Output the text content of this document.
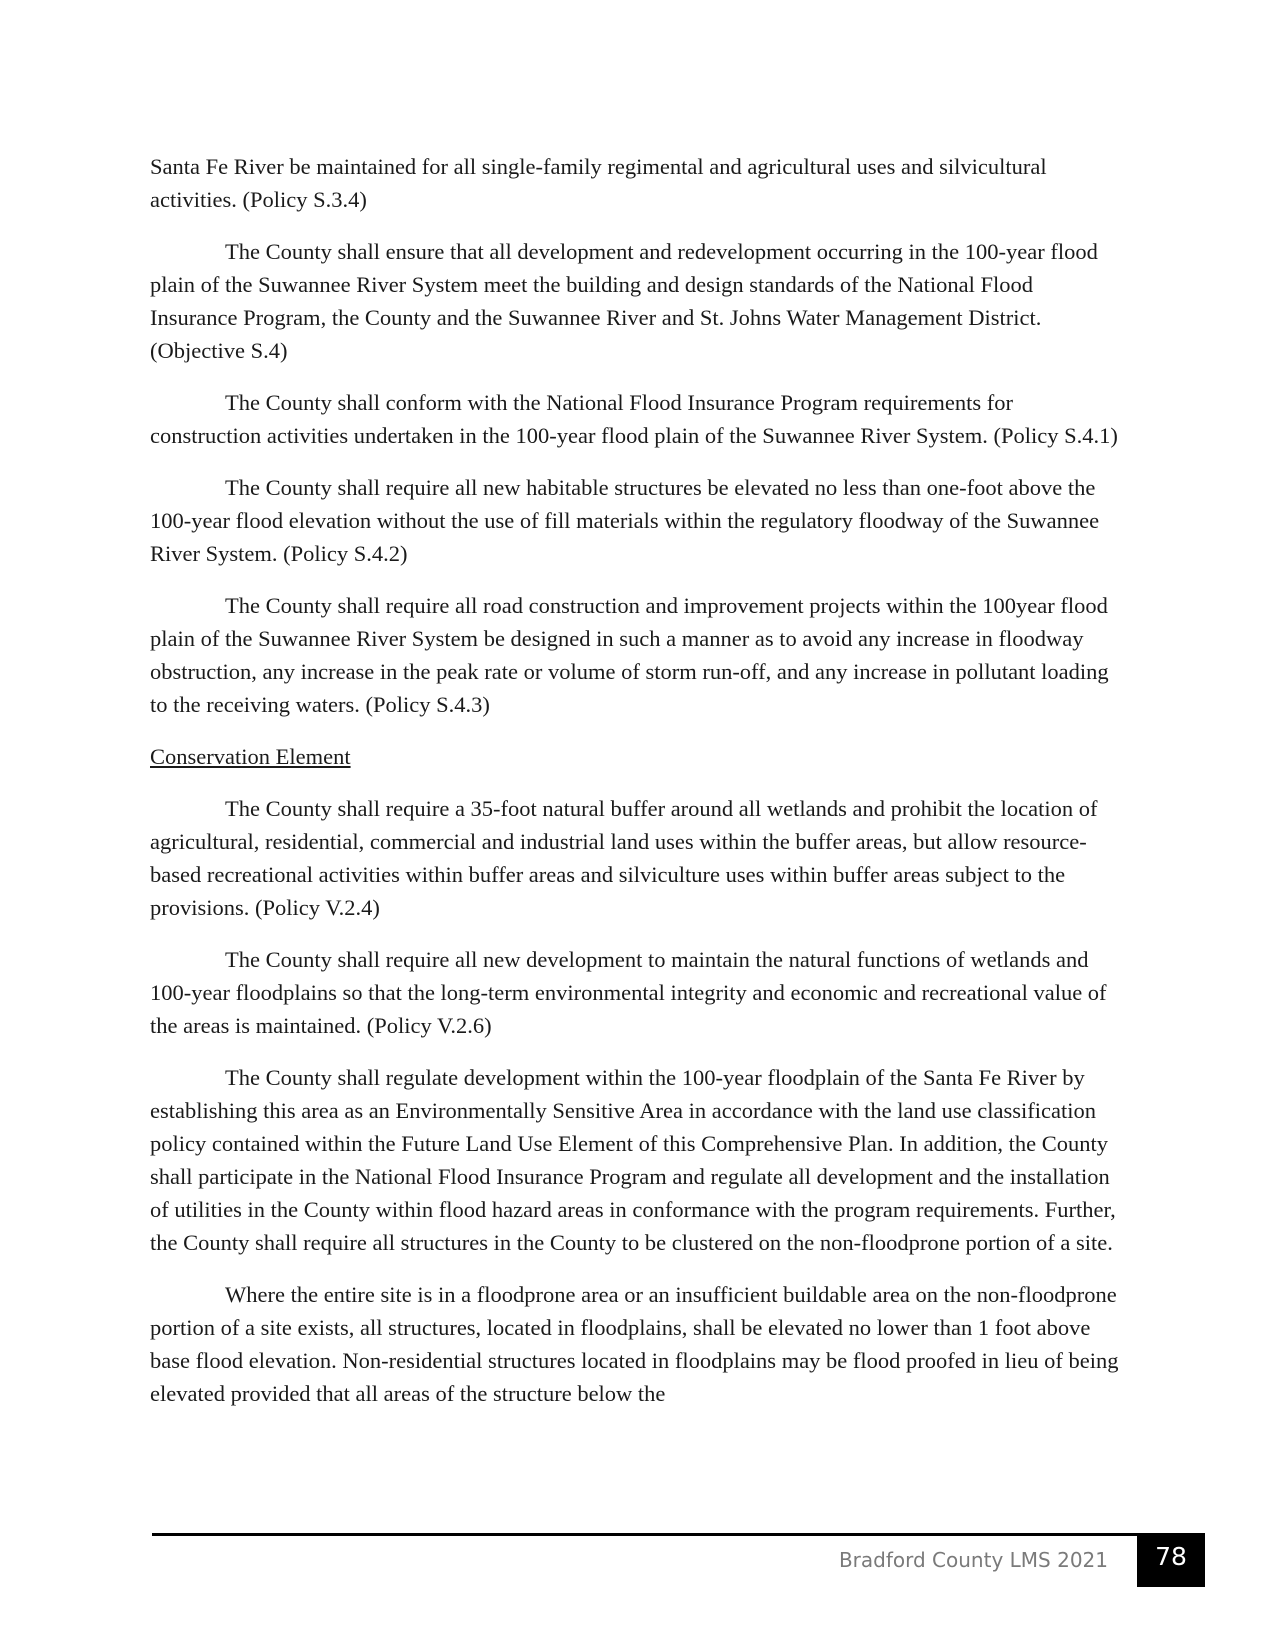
Santa Fe River be maintained for all single-family regimental and agricultural uses and silvicultural activities. (Policy S.3.4)

The County shall ensure that all development and redevelopment occurring in the 100-year flood plain of the Suwannee River System meet the building and design standards of the National Flood Insurance Program, the County and the Suwannee River and St. Johns Water Management District. (Objective S.4)

The County shall conform with the National Flood Insurance Program requirements for construction activities undertaken in the 100-year flood plain of the Suwannee River System. (Policy S.4.1)

The County shall require all new habitable structures be elevated no less than one-foot above the 100-year flood elevation without the use of fill materials within the regulatory floodway of the Suwannee River System. (Policy S.4.2)

The County shall require all road construction and improvement projects within the 100year flood plain of the Suwannee River System be designed in such a manner as to avoid any increase in floodway obstruction, any increase in the peak rate or volume of storm run-off, and any increase in pollutant loading to the receiving waters. (Policy S.4.3)

Conservation Element

The County shall require a 35-foot natural buffer around all wetlands and prohibit the location of agricultural, residential, commercial and industrial land uses within the buffer areas, but allow resource- based recreational activities within buffer areas and silviculture uses within buffer areas subject to the provisions. (Policy V.2.4)

The County shall require all new development to maintain the natural functions of wetlands and 100-year floodplains so that the long-term environmental integrity and economic and recreational value of the areas is maintained. (Policy V.2.6)

The County shall regulate development within the 100-year floodplain of the Santa Fe River by establishing this area as an Environmentally Sensitive Area in accordance with the land use classification policy contained within the Future Land Use Element of this Comprehensive Plan. In addition, the County shall participate in the National Flood Insurance Program and regulate all development and the installation of utilities in the County within flood hazard areas in conformance with the program requirements. Further, the County shall require all structures in the County to be clustered on the non-floodprone portion of a site.

Where the entire site is in a floodprone area or an insufficient buildable area on the non-floodprone portion of a site exists, all structures, located in floodplains, shall be elevated no lower than 1 foot above base flood elevation. Non-residential structures located in floodplains may be flood proofed in lieu of being elevated provided that all areas of the structure below the

Bradford County LMS 2021	78
